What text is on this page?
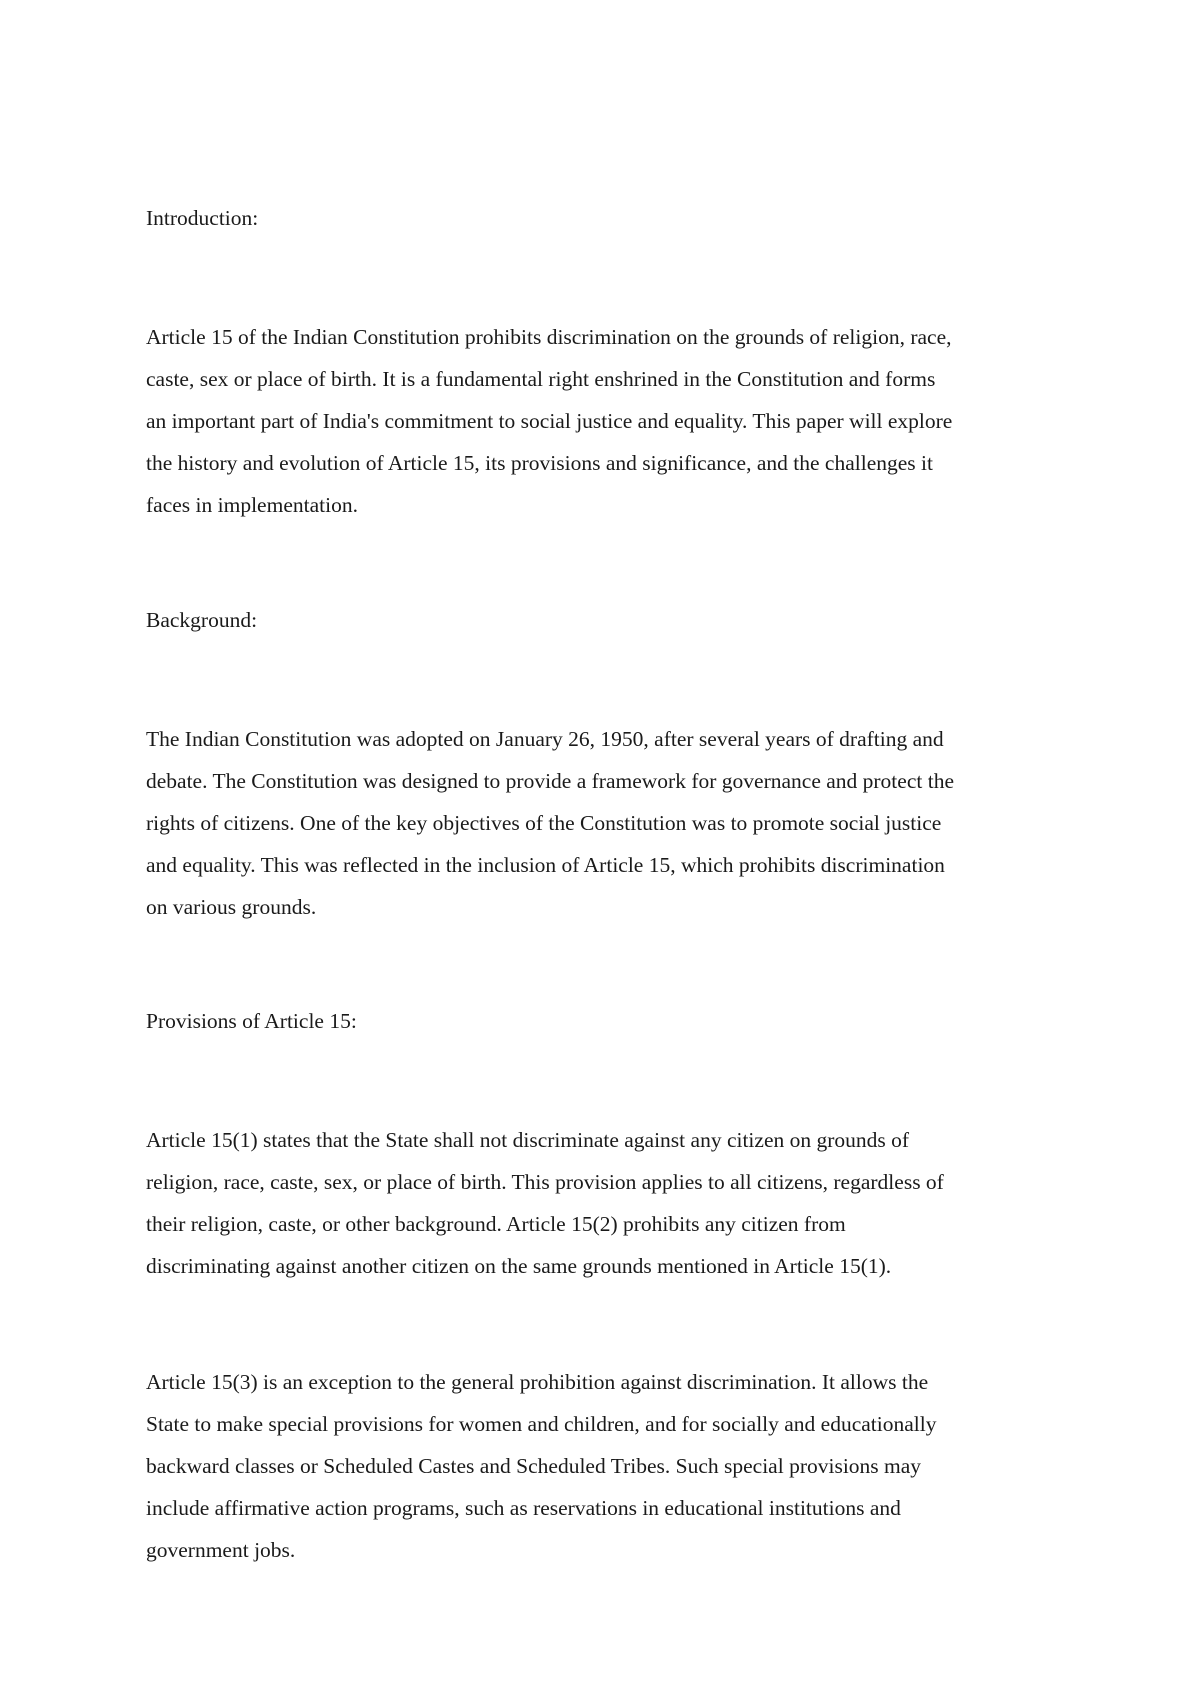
Introduction:

Article 15 of the Indian Constitution prohibits discrimination on the grounds of religion, race,
caste, sex or place of birth. It is a fundamental right enshrined in the Constitution and forms
an important part of India's commitment to social justice and equality. This paper will explore
the history and evolution of Article 15, its provisions and significance, and the challenges it
faces in implementation.

Background:

The Indian Constitution was adopted on January 26, 1950, after several years of drafting and
debate. The Constitution was designed to provide a framework for governance and protect the
rights of citizens. One of the key objectives of the Constitution was to promote social justice
and equality. This was reflected in the inclusion of Article 15, which prohibits discrimination
on various grounds.

Provisions of Article 15:

Article 15(1) states that the State shall not discriminate against any citizen on grounds of
religion, race, caste, sex, or place of birth. This provision applies to all citizens, regardless of
their religion, caste, or other background. Article 15(2) prohibits any citizen from
discriminating against another citizen on the same grounds mentioned in Article 15(1).

Article 15(3) is an exception to the general prohibition against discrimination. It allows the
State to make special provisions for women and children, and for socially and educationally
backward classes or Scheduled Castes and Scheduled Tribes. Such special provisions may
include affirmative action programs, such as reservations in educational institutions and
government jobs.
